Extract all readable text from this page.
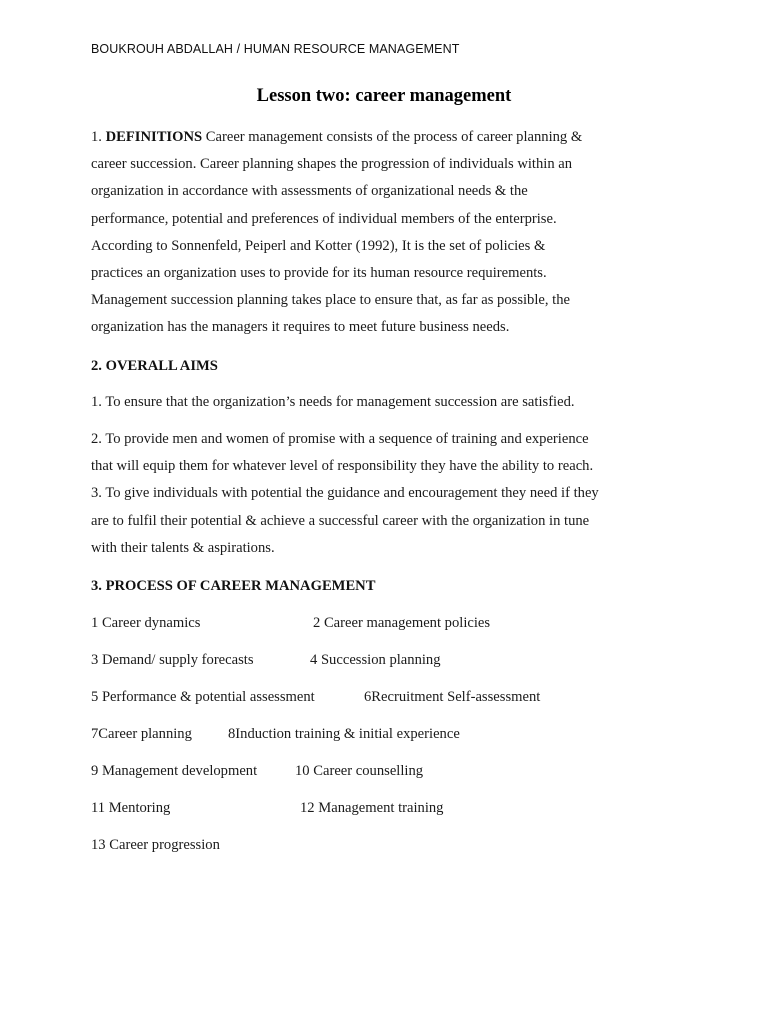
BOUKROUH ABDALLAH / HUMAN RESOURCE MANAGEMENT
Lesson two: career management
1. DEFINITIONS Career management consists of the process of career planning &
career succession. Career planning shapes the progression of individuals within an
organization in accordance with assessments of organizational needs & the
performance, potential and preferences of individual members of the enterprise.
According to Sonnenfeld, Peiperl and Kotter (1992), It is the set of policies &
practices an organization uses to provide for its human resource requirements.
Management succession planning takes place to ensure that, as far as possible, the
organization has the managers it requires to meet future business needs.
2. OVERALL AIMS
1. To ensure that the organization’s needs for management succession are satisfied.
2. To provide men and women of promise with a sequence of training and experience
that will equip them for whatever level of responsibility they have the ability to reach.
3. To give individuals with potential the guidance and encouragement they need if they
are to fulfil their potential & achieve a successful career with the organization in tune
with their talents & aspirations.
3. PROCESS OF CAREER MANAGEMENT
1 Career dynamics	2 Career management policies
3 Demand/ supply forecasts	4 Succession planning
5 Performance & potential assessment	6Recruitment Self-assessment
7Career planning 8Induction training & initial experience
9 Management development	10 Career counselling
11 Mentoring	12 Management training
13 Career progression
